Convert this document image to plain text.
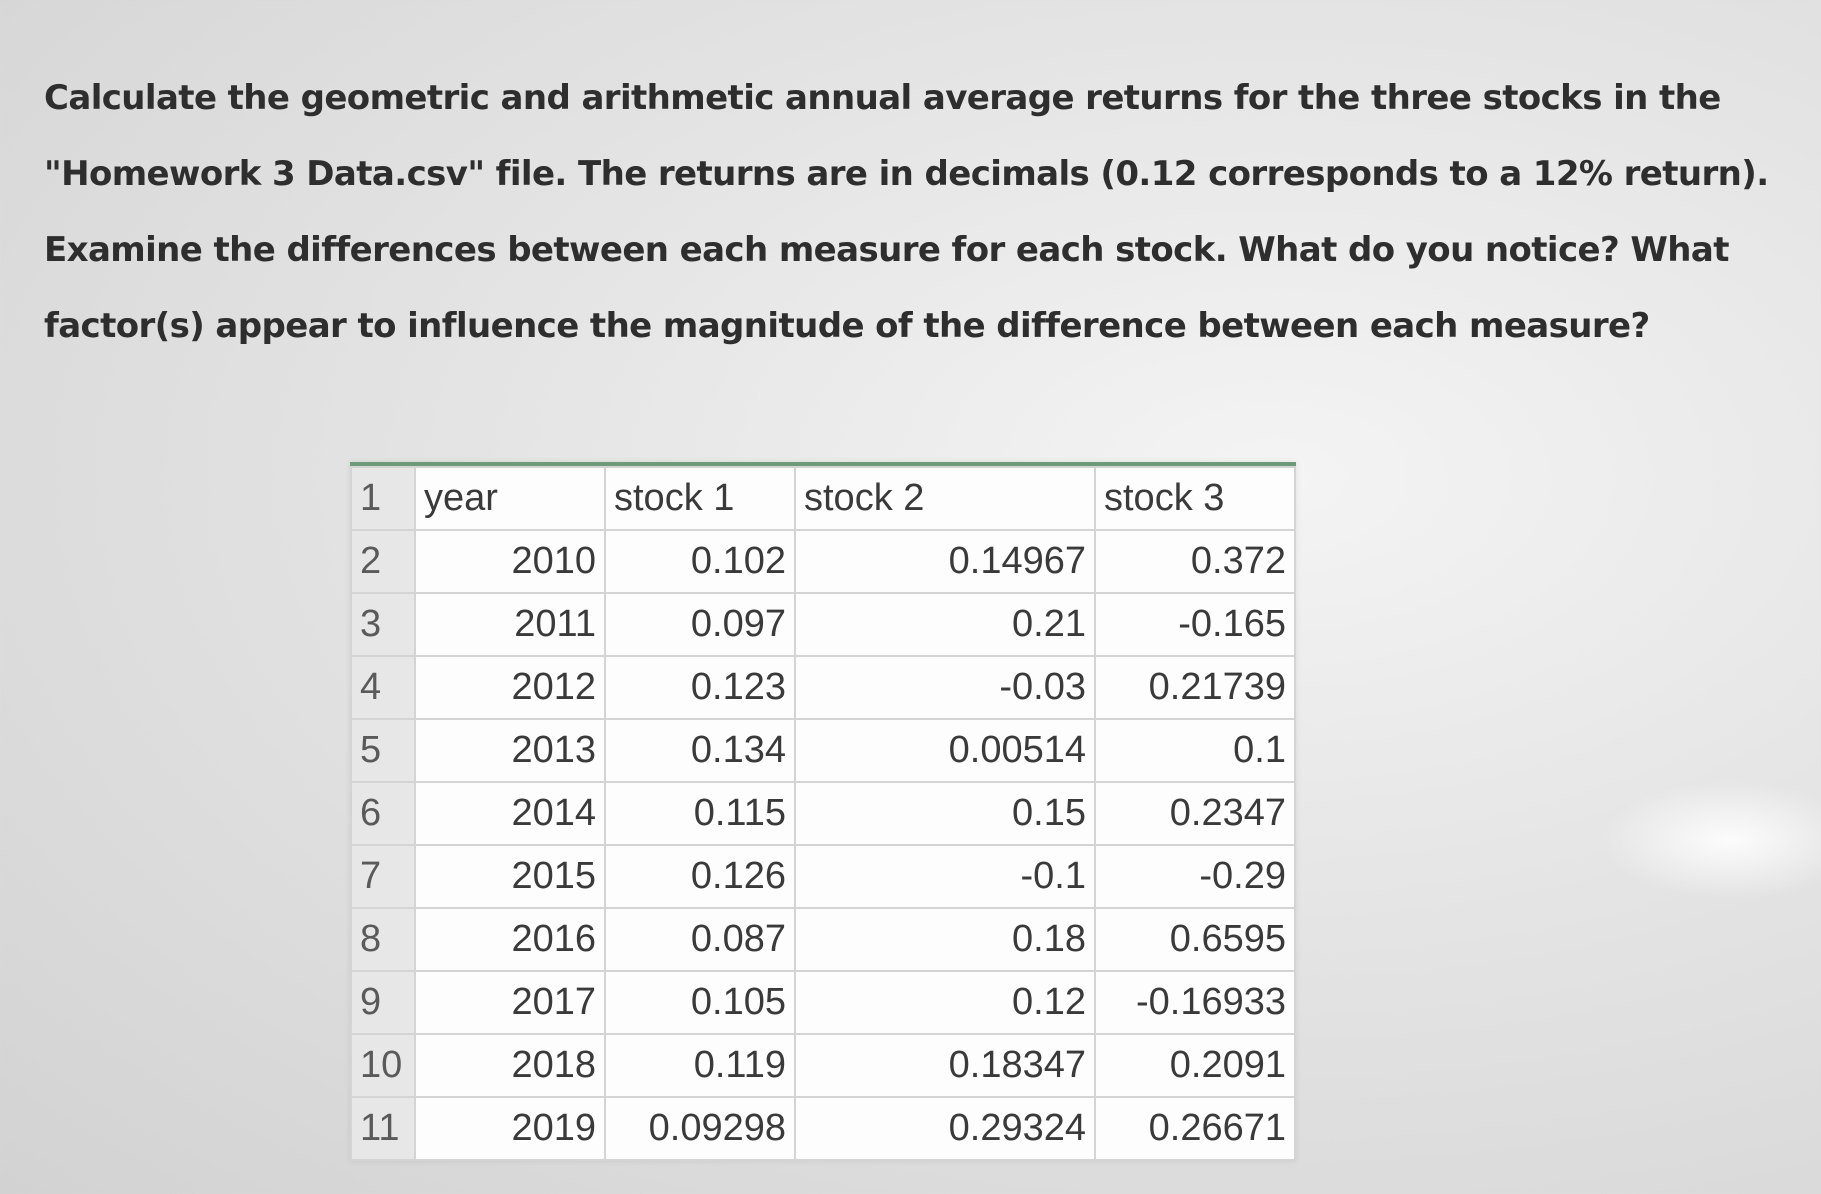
Calculate the geometric and arithmetic annual average returns for the three stocks in the "Homework 3 Data.csv" file. The returns are in decimals (0.12 corresponds to a 12% return). Examine the differences between each measure for each stock. What do you notice? What factor(s) appear to influence the magnitude of the difference between each measure?

1	year	stock 1	stock 2	stock 3
2	2010	0.102	0.14967	0.372
3	2011	0.097	0.21	-0.165
4	2012	0.123	-0.03	0.21739
5	2013	0.134	0.00514	0.1
6	2014	0.115	0.15	0.2347
7	2015	0.126	-0.1	-0.29
8	2016	0.087	0.18	0.6595
9	2017	0.105	0.12	-0.16933
10	2018	0.119	0.18347	0.2091
11	2019	0.09298	0.29324	0.26671
